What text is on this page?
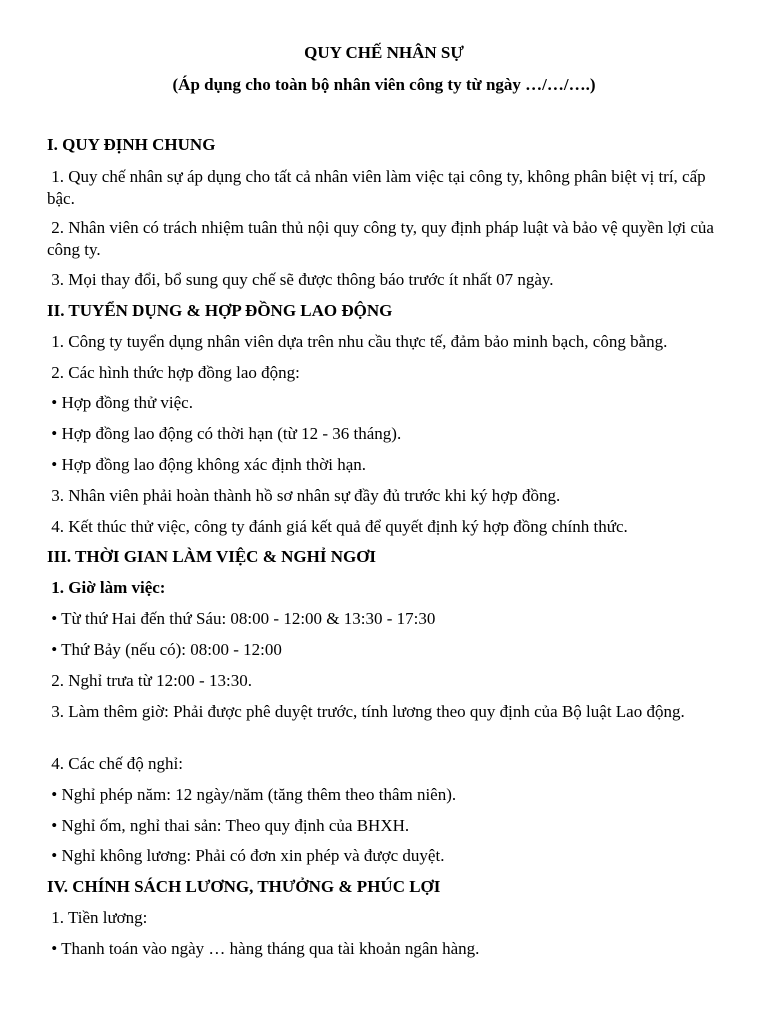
QUY CHẾ NHÂN SỰ
(Áp dụng cho toàn bộ nhân viên công ty từ ngày …/…/….)
I. QUY ĐỊNH CHUNG
1. Quy chế nhân sự áp dụng cho tất cả nhân viên làm việc tại công ty, không phân biệt vị trí, cấp bậc.
2. Nhân viên có trách nhiệm tuân thủ nội quy công ty, quy định pháp luật và bảo vệ quyền lợi của công ty.
3. Mọi thay đổi, bổ sung quy chế sẽ được thông báo trước ít nhất 07 ngày.
II. TUYỂN DỤNG & HỢP ĐỒNG LAO ĐỘNG
1. Công ty tuyển dụng nhân viên dựa trên nhu cầu thực tế, đảm bảo minh bạch, công bằng.
2. Các hình thức hợp đồng lao động:
• Hợp đồng thử việc.
• Hợp đồng lao động có thời hạn (từ 12 - 36 tháng).
• Hợp đồng lao động không xác định thời hạn.
3. Nhân viên phải hoàn thành hồ sơ nhân sự đầy đủ trước khi ký hợp đồng.
4. Kết thúc thử việc, công ty đánh giá kết quả để quyết định ký hợp đồng chính thức.
III. THỜI GIAN LÀM VIỆC & NGHỈ NGƠI
1. Giờ làm việc:
• Từ thứ Hai đến thứ Sáu: 08:00 - 12:00 & 13:30 - 17:30
• Thứ Bảy (nếu có): 08:00 - 12:00
2. Nghỉ trưa từ 12:00 - 13:30.
3. Làm thêm giờ: Phải được phê duyệt trước, tính lương theo quy định của Bộ luật Lao động.
4. Các chế độ nghỉ:
• Nghỉ phép năm: 12 ngày/năm (tăng thêm theo thâm niên).
• Nghỉ ốm, nghỉ thai sản: Theo quy định của BHXH.
• Nghỉ không lương: Phải có đơn xin phép và được duyệt.
IV. CHÍNH SÁCH LƯƠNG, THƯỞNG & PHÚC LỢI
1. Tiền lương:
• Thanh toán vào ngày … hàng tháng qua tài khoản ngân hàng.
